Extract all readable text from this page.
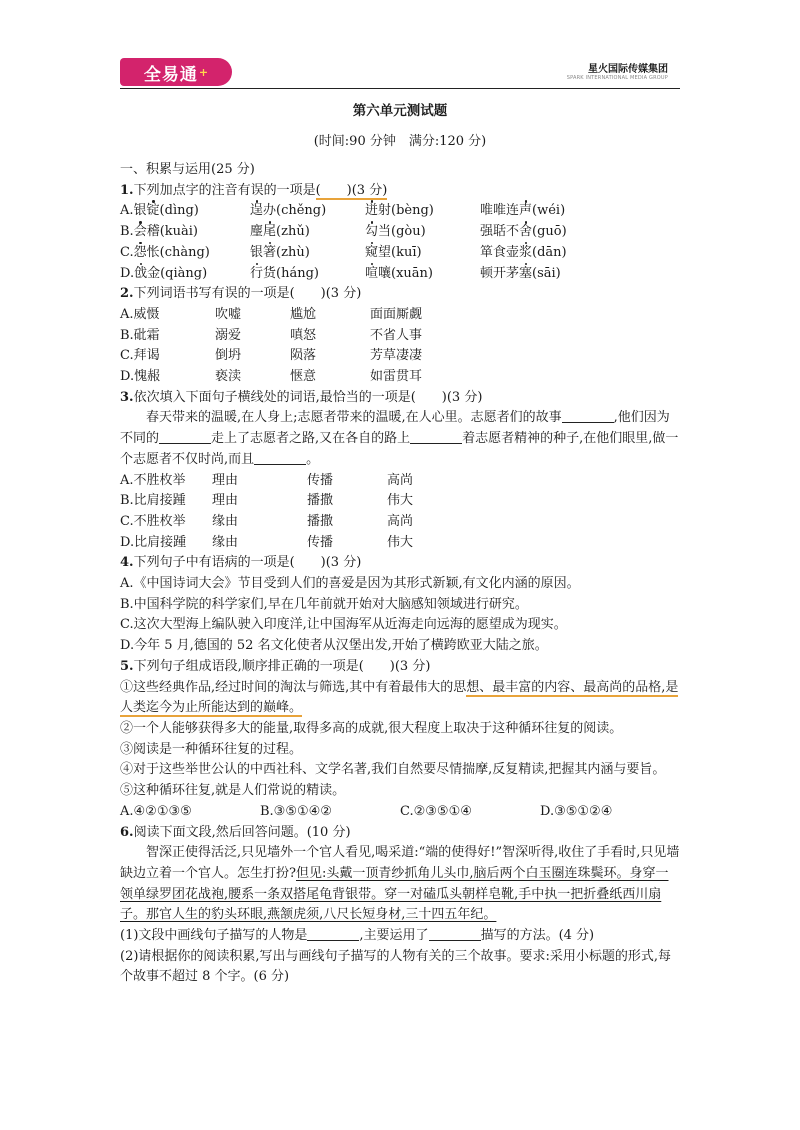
全易通 +	星火国际传媒集团
SPARK INTERNATIONAL MEDIA GROUP
第六单元测试题
(时间:90 分钟　满分:120 分)
一、积累与运用(25 分)
1.下列加点字的注音有误的一项是(　　)(3 分)
A.银锭(dìng)	逞办(chěng)	迸射(bèng)	唯唯连声(wéi)
B.会稽(kuài)	麈尾(zhǔ)	勾当(gòu)	强聒不舍(guō)
C.怨怅(chàng)	银箸(zhù)	窥望(kuī)	箪食壶浆(dān)
D.戗金(qiàng)	行货(háng)	喧嚷(xuān)	顿开茅塞(sāi)
2.下列词语书写有误的一项是(　　)(3 分)
A.威慑	吹嘘	尴尬	面面厮觑
B.砒霜	溺爱	嗔怒	不省人事
C.拜谒	倒坍	陨落	芳草凄凄
D.愧赧	亵渎	惬意	如雷贯耳
3.依次填入下面句子横线处的词语,最恰当的一项是(　　)(3 分)
春天带来的温暖,在人身上;志愿者带来的温暖,在人心里。志愿者们的故事	,他们因为不同的	走上了志愿者之路,又在各自的路上	着志愿者精神的种子,在他们眼里,做一个志愿者不仅时尚,而且	。
A.不胜枚举	理由	传播	高尚
B.比肩接踵	理由	播撒	伟大
C.不胜枚举	缘由	播撒	高尚
D.比肩接踵	缘由	传播	伟大
4.下列句子中有语病的一项是(　　)(3 分)
A.《中国诗词大会》节目受到人们的喜爱是因为其形式新颖,有文化内涵的原因。
B.中国科学院的科学家们,早在几年前就开始对大脑感知领域进行研究。
C.这次大型海上编队驶入印度洋,让中国海军从近海走向远海的愿望成为现实。
D.今年 5 月,德国的 52 名文化使者从汉堡出发,开始了横跨欧亚大陆之旅。
5.下列句子组成语段,顺序排正确的一项是(　　)(3 分)
①这些经典作品,经过时间的淘汰与筛选,其中有着最伟大的思想、最丰富的内容、最高尚的品格,是人类迄今为止所能达到的巅峰。
②一个人能够获得多大的能量,取得多高的成就,很大程度上取决于这种循环往复的阅读。
③阅读是一种循环往复的过程。
④对于这些举世公认的中西社科、文学名著,我们自然要尽情揣摩,反复精读,把握其内涵与要旨。
⑤这种循环往复,就是人们常说的精读。
A.④②①③⑤	B.③⑤①④②	C.②③⑤①④	D.③⑤①②④
6.阅读下面文段,然后回答问题。(10 分)
智深正使得活泛,只见墙外一个官人看见,喝采道:“端的使得好!”智深听得,收住了手看时,只见墙缺边立着一个官人。怎生打扮?但见:头戴一顶青纱抓角儿头巾,脑后两个白玉圈连珠鬓环。身穿一领单绿罗团花战袍,腰系一条双搭尾龟背银带。穿一对磕瓜头朝样皂靴,手中执一把折叠纸西川扇子。那官人生的豹头环眼,燕颔虎须,八尺长短身材,三十四五年纪。
(1)文段中画线句子描写的人物是	,主要运用了	描写的方法。(4 分)
(2)请根据你的阅读积累,写出与画线句子描写的人物有关的三个故事。要求:采用小标题的形式,每个故事不超过 8 个字。(6 分)
